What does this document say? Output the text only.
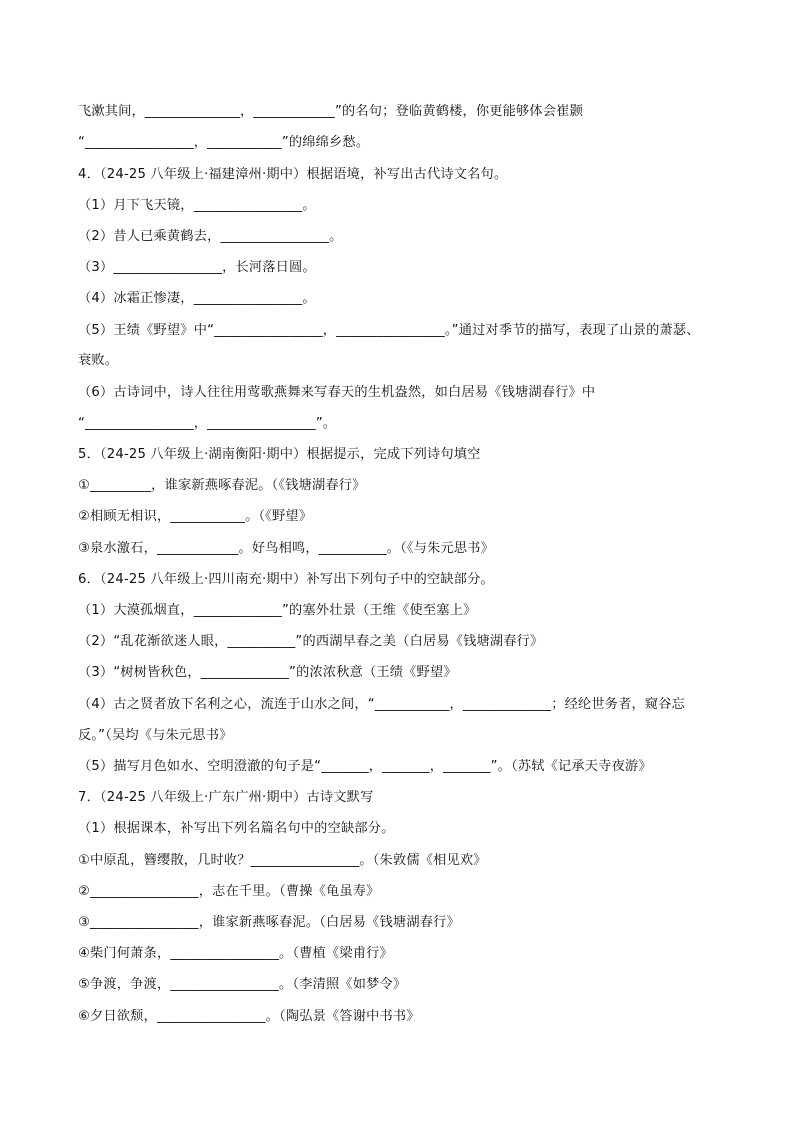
飞漱其间，______________，____________”的名句；登临黄鹤楼，你更能够体会崔颢
“________________，___________”的绵绵乡愁。
4．（24-25 八年级上·福建漳州·期中）根据语境，补写出古代诗文名句。
（1）月下飞天镜，________________。
（2）昔人已乘黄鹤去，________________。
（3）________________，长河落日圆。
（4）冰霜正惨凄，________________。
（5）王绩《野望》中“________________，________________。”通过对季节的描写，表现了山景的萧瑟、
衰败。
（6）古诗词中，诗人往往用莺歌燕舞来写春天的生机盎然，如白居易《钱塘湖春行》中
“________________，________________”。
5．（24-25 八年级上·湖南衡阳·期中）根据提示，完成下列诗句填空
①_________，谁家新燕啄春泥。（《钱塘湖春行》
②相顾无相识，___________。（《野望》
③泉水激石，____________。好鸟相鸣，__________。（《与朱元思书》
6．（24-25 八年级上·四川南充·期中）补写出下列句子中的空缺部分。
（1）大漠孤烟直，_____________”的塞外壮景（王维《使至塞上》
（2）“乱花渐欲迷人眼，__________”的西湖早春之美（白居易《钱塘湖春行》
（3）“树树皆秋色，_____________”的浓浓秋意（王绩《野望》
（4）古之贤者放下名利之心，流连于山水之间，“___________，_____________；经纶世务者，窥谷忘
反。”（吴均《与朱元思书》
（5）描写月色如水、空明澄澈的句子是“_______，_______，_______”。（苏轼《记承天寺夜游》
7．（24-25 八年级上·广东广州·期中）古诗文默写
（1）根据课本，补写出下列名篇名句中的空缺部分。
①中原乱，簪缨散，几时收？________________。（朱敦儒《相见欢》
②________________，志在千里。（曹操《龟虽寿》
③________________，谁家新燕啄春泥。（白居易《钱塘湖春行》
④柴门何萧条，________________。（曹植《梁甫行》
⑤争渡，争渡，________________。（李清照《如梦令》
⑥夕日欲颓，________________。（陶弘景《答谢中书书》
